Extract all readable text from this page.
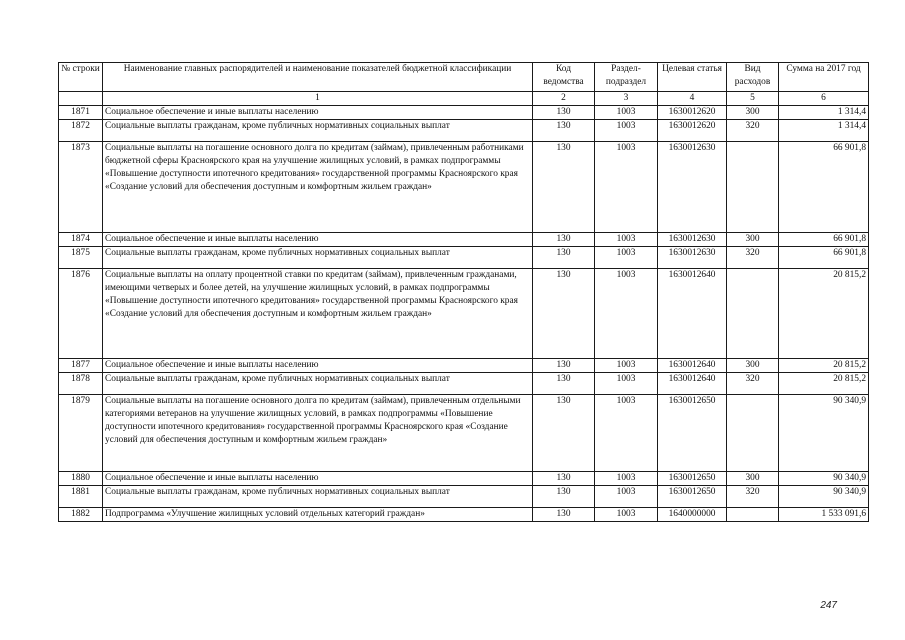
№ строки	Наименование главных распорядителей и наименование показателей бюджетной классификации	Код ведомства	Раздел-подраздел	Целевая статья	Вид расходов	Сумма на 2017 год
	1	2	3	4	5	6
1871	Социальное обеспечение и иные выплаты населению	130	1003	1630012620	300	1 314,4
1872	Социальные выплаты гражданам, кроме публичных нормативных социальных выплат	130	1003	1630012620	320	1 314,4
1873	Социальные выплаты на погашение основного долга по кредитам (займам), привлеченным работниками бюджетной сферы Красноярского края на улучшение жилищных условий, в рамках подпрограммы «Повышение доступности ипотечного кредитования» государственной программы Красноярского края «Создание условий для обеспечения доступным и комфортным жильем граждан»	130	1003	1630012630		66 901,8
1874	Социальное обеспечение и иные выплаты населению	130	1003	1630012630	300	66 901,8
1875	Социальные выплаты гражданам, кроме публичных нормативных социальных выплат	130	1003	1630012630	320	66 901,8
1876	Социальные выплаты на оплату процентной ставки по кредитам (займам), привлеченным гражданами, имеющими четверых и более детей, на улучшение жилищных условий, в рамках подпрограммы «Повышение доступности ипотечного кредитования» государственной программы Красноярского края «Создание условий для обеспечения доступным и комфортным жильем граждан»	130	1003	1630012640		20 815,2
1877	Социальное обеспечение и иные выплаты населению	130	1003	1630012640	300	20 815,2
1878	Социальные выплаты гражданам, кроме публичных нормативных социальных выплат	130	1003	1630012640	320	20 815,2
1879	Социальные выплаты на погашение основного долга по кредитам (займам), привлеченным отдельными категориями ветеранов на улучшение жилищных условий, в рамках подпрограммы «Повышение доступности ипотечного кредитования» государственной программы Красноярского края «Создание условий для обеспечения доступным и комфортным жильем граждан»	130	1003	1630012650		90 340,9
1880	Социальное обеспечение и иные выплаты населению	130	1003	1630012650	300	90 340,9
1881	Социальные выплаты гражданам, кроме публичных нормативных социальных выплат	130	1003	1630012650	320	90 340,9
1882	Подпрограмма «Улучшение жилищных условий отдельных категорий граждан»	130	1003	1640000000		1 533 091,6
247
